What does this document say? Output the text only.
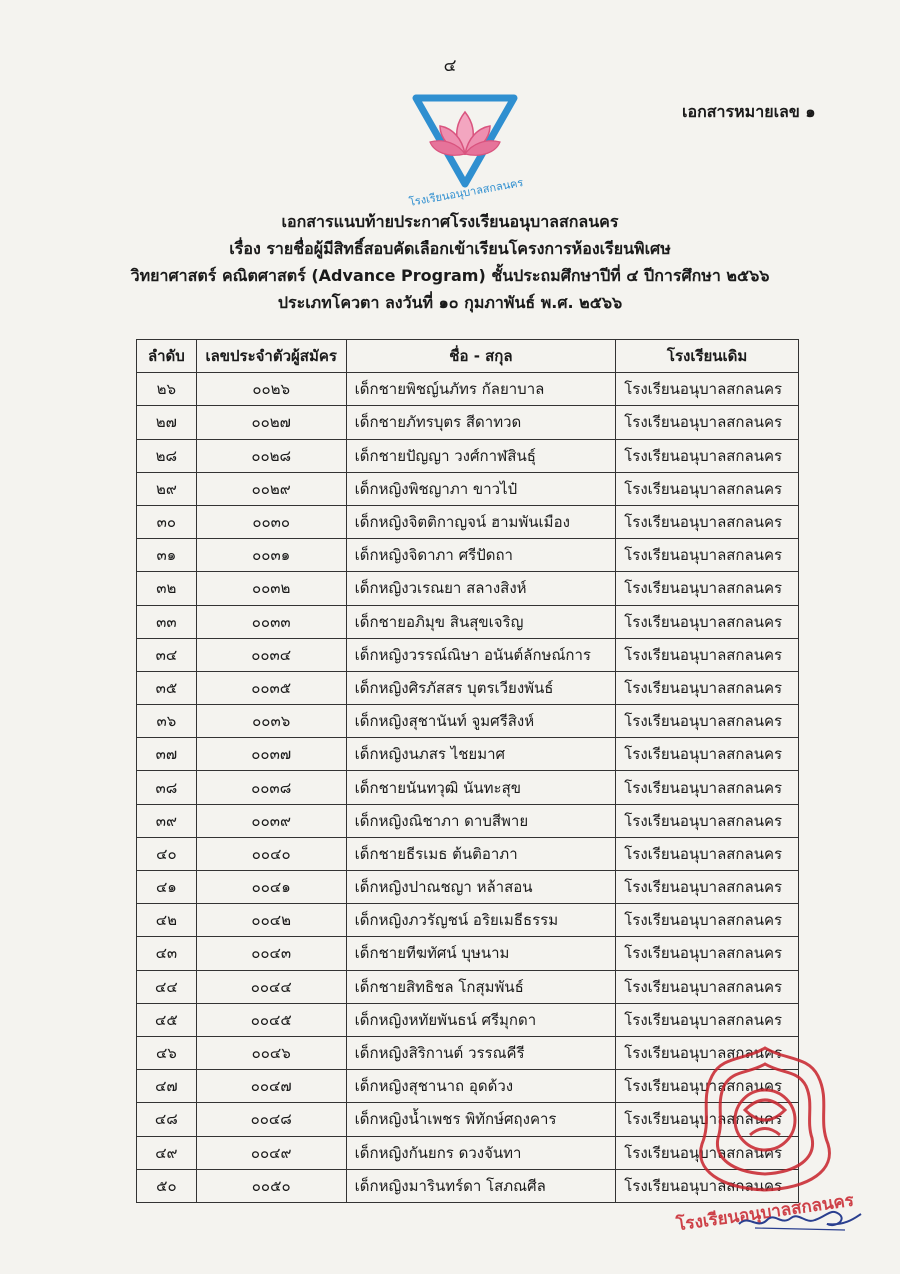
๔
เอกสารหมายเลข ๑
โรงเรียนอนุบาลสกลนคร
เอกสารแนบท้ายประกาศโรงเรียนอนุบาลสกลนคร
เรื่อง รายชื่อผู้มีสิทธิ์สอบคัดเลือกเข้าเรียนโครงการห้องเรียนพิเศษ
วิทยาศาสตร์ คณิตศาสตร์ (Advance Program) ชั้นประถมศึกษาปีที่ ๔ ปีการศึกษา ๒๕๖๖
ประเภทโควตา ลงวันที่ ๑๐ กุมภาพันธ์ พ.ศ. ๒๕๖๖
ลำดับ	เลขประจำตัวผู้สมัคร	ชื่อ - สกุล	โรงเรียนเดิม
๒๖	๐๐๒๖	เด็กชายพิชญ์นภัทร กัลยาบาล	โรงเรียนอนุบาลสกลนคร
๒๗	๐๐๒๗	เด็กชายภัทรบุตร สีดาทวด	โรงเรียนอนุบาลสกลนคร
๒๘	๐๐๒๘	เด็กชายปัญญา วงศ์กาฬสินธุ์	โรงเรียนอนุบาลสกลนคร
๒๙	๐๐๒๙	เด็กหญิงพิชญาภา ขาวไป๋	โรงเรียนอนุบาลสกลนคร
๓๐	๐๐๓๐	เด็กหญิงจิตติกาญจน์ ฮามพันเมือง	โรงเรียนอนุบาลสกลนคร
๓๑	๐๐๓๑	เด็กหญิงจิดาภา ศรีปัดถา	โรงเรียนอนุบาลสกลนคร
๓๒	๐๐๓๒	เด็กหญิงวเรณยา สลางสิงห์	โรงเรียนอนุบาลสกลนคร
๓๓	๐๐๓๓	เด็กชายอภิมุข สินสุขเจริญ	โรงเรียนอนุบาลสกลนคร
๓๔	๐๐๓๔	เด็กหญิงวรรณ์ณิษา อนันต์ลักษณ์การ	โรงเรียนอนุบาลสกลนคร
๓๕	๐๐๓๕	เด็กหญิงศิรภัสสร บุตรเวียงพันธ์	โรงเรียนอนุบาลสกลนคร
๓๖	๐๐๓๖	เด็กหญิงสุชานันท์ จูมศรีสิงห์	โรงเรียนอนุบาลสกลนคร
๓๗	๐๐๓๗	เด็กหญิงนภสร ไชยมาศ	โรงเรียนอนุบาลสกลนคร
๓๘	๐๐๓๘	เด็กชายนันทวุฒิ นันทะสุข	โรงเรียนอนุบาลสกลนคร
๓๙	๐๐๓๙	เด็กหญิงณิชาภา ดาบสีพาย	โรงเรียนอนุบาลสกลนคร
๔๐	๐๐๔๐	เด็กชายธีรเมธ ต้นติอาภา	โรงเรียนอนุบาลสกลนคร
๔๑	๐๐๔๑	เด็กหญิงปาณชญา หล้าสอน	โรงเรียนอนุบาลสกลนคร
๔๒	๐๐๔๒	เด็กหญิงภวรัญชน์ อริยเมธีธรรม	โรงเรียนอนุบาลสกลนคร
๔๓	๐๐๔๓	เด็กชายทีฆทัศน์ บุษนาม	โรงเรียนอนุบาลสกลนคร
๔๔	๐๐๔๔	เด็กชายสิทธิชล โกสุมพันธ์	โรงเรียนอนุบาลสกลนคร
๔๕	๐๐๔๕	เด็กหญิงหทัยพันธน์ ศรีมุกดา	โรงเรียนอนุบาลสกลนคร
๔๖	๐๐๔๖	เด็กหญิงสิริกานต์ วรรณคีรี	โรงเรียนอนุบาลสกลนคร
๔๗	๐๐๔๗	เด็กหญิงสุชานาถ อุดด้วง	โรงเรียนอนุบาลสกลนคร
๔๘	๐๐๔๘	เด็กหญิงน้ำเพชร พิทักษ์ศฤงคาร	โรงเรียนอนุบาลสกลนคร
๔๙	๐๐๔๙	เด็กหญิงกันยกร ดวงจันทา	โรงเรียนอนุบาลสกลนคร
๕๐	๐๐๕๐	เด็กหญิงมารินทร์ดา โสภณศีล	โรงเรียนอนุบาลสกลนคร
โรงเรียนอนุบาลสกลนคร
